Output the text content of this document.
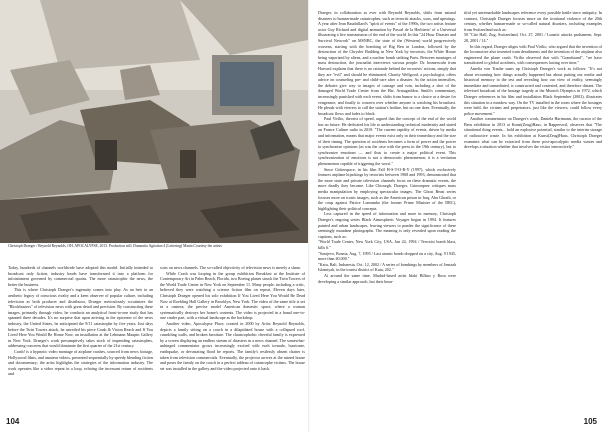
Christoph Draeger / Reynold Reynolds, OH, APOCALYPSE, 2013. Production still, Damnatio Agitation 4 (Lettering) Mania Courtesy the artists

Today, hundreds of channels worldwide have adopted this model. Initially intended to broadcast only fiction, industry heads have transformed it into a platform for infotainment governed by commercial quotas. The more catastrophic the news, the better the business.

This is where Christoph Draeger's ingenuity comes into play. As an heir to an aesthetic legacy of conscious rivalry and a keen observer of popular culture, including television as both producer and distributor, Draeger meticulously scrutinizes the "Blockbusters" of television news with great detail and precision. By constructing these images, primarily through video, he conducts an analytical front-to-one study that has spanned three decades. It's no surprise that upon arriving in the epicenter of the news industry, the United States, he anticipated the 9/11 catastrophe by five years. Just days before the Twin Towers attack, he unveiled his piece Crash & Vision Reach and If You Lived Here You Would Be Home Now, an installation at the Lehmann Maupin Gallery in New York. Draeger's work presumptively takes stock of impending catastrophes, addressing concerns that would dominate the first quarter of the 21st century.

Crash! is a hypnotic video montage of airplane crashes, sourced from news footage, Hollywood films, and amateur videos, presented sequentially by speedy blending fiction and documentary; the artist highlights the strategies of the information industry. The work operates like a video repeat in a loop, echoing the incessant return of accidents and

wars on news channels. The so-called objectivity of television news is merely a sham.

While Crash was looping in the group exhibition Breakfast at the Institute of Contemporary Art in Palm Beach, Florida, two Boeing planes struck the Twin Towers of the World Trade Center in New York on September 11. Many people, including a critic, believed they were watching a science fiction film on repeat. Eleven days later, Christoph Draeger opened his solo exhibition If You Lived Here You Would Be Dead Now at Roebling Hall Gallery in Brooklyn, New York. The video of the same title is set in a camera; the precise model American domestic space, where a woman systematically destroys her home's contents. The video is projected in a banal one-to-one cinder part, with a virtual landscape as the backdrop.

Another video, Apocalypse Place, created in 2000 by Artist Reynold Reynolds, depicts a family sitting on a couch in a dilapidated house with a collapsed roof, crumbling walls, and broken furniture. The claustrophobic cheerful family is expressed by a screen displaying an endless stream of disasters in a news channel. The somewhat-unhinged commentator grows increasingly excited with each tornado, hurricane, earthquake, or devastating flood he reports. The family's restlessly absent chatter is taken from television commercials. Eventually, the projector arrives at the ruined house and poses the family on the couch in a perfect tableau of catastrophe victims. The house set was installed in the gallery and the video projected onto it back.

Draeger, in collaboration as ever with Reynold Reynolds, shifts from natural disasters to human-made catastrophes, such as terrorist attacks, wars, and uprisings. A year after Jean Baudrillard's "spirit of events" of the 1990s, the two artists feature actor Guy Richard and digital animation by Pascal de la Herbierie' of a Universal illustrating a live transmission of the end of the world. In this "24 Hour Disaster and Survival Network" on MSNBC, the state of the (Western) world progressively worsens, starting with the bombing of Big Ben in London, followed by the destruction of the Chrysler Building in New York by terrorists, the White House being vaporized by aliens, and a nuclear bomb striking Paris. Between montages of mass destruction, the journalist interviews various people: Dr. Immerwahr from Harvard explains that there is no rationale behind the terrorists' actions, simply that they are "evil" and should be eliminated; Charity Wellgood, a psychologist, offers advice on counseling pre- and child-care after a disaster. As the action intensifies, the debates give way to images of carnage and ruin, including a shot of the damaged World Trade Center from the Hat. Armageddon. Smith's commentary, increasingly panicked with each event, shifts from humor to a choice or a desire for vengeance, and finally to concern over whether anyone is watching his broadcast. He pleads with viewers to call the station's hotline, but no one does. Eventually, the broadcast flows and fades to black.

Paul Virilio, theorist of speed, argued that the concept of the end of the world has no future. He dedicated his life to understanding technical modernity and stated on France Culture radio in 2010: "The current rapidity of events, driven by media and information, means that major events exist only in their immediacy and the size of their timing. The question of accidents becomes a form of power and the power to synchronize opinions (as was the case with the press in the 19th century), but to synchronize emotions — and thus to create a major political event. This synchronization of emotions is not a democratic phenomenon; it is a veritarian phenomenon capable of triggering the worst."

Since Götterspace, in his film Fall H-S-T-O-R-Y (1997), which exclusively features airplane hijackings by terrorists between 1968 and 1993, demonstrated that the more state and private television channels focus on these dramatic events, the more deadly they become. Like Chtourgh, Draeger, Grimonprez critiques mass media manipulation by employing spectacular images. The Ghost Beast series focuses more on iconic images, such as the American prison in Iraq, Abu Ghraib, or the coup against Patrice Lumumba (the former Prime Minister of the DRC), highlighting their political concepts.

Less captured in the speed of information and more in memory, Christoph Draeger's ongoing series Black Atmospheric Voyager began in 1994. It features painted and urban landscapes, leaving viewers to ponder the significance of these seemingly mundane photographs. The meaning is only revealed upon reading the captions, such as:

"World Trade Center, New York City, USA, Jan 24, 1994 / Terrorist bomb blast, kills 6."

"Sarajevo, Bosnia, Aug. 7, 1995 / Last atomic bomb dropped on a city, Aug. 9 1945, more than 40,000."

"Katu, Bali, Indonesia, Oct. 12, 2002 / A series of bombings by members of Jemaah Islamiyah, in the tourist district of Kuta, 202."

At around the same time, Madrid-based artist Iñaki Bilbao y Rosa were developing a similar approach, but their beau-

tiful yet unremarkable landscapes reference every possible battle since antiquity. In contrast, Christoph Draeger focuses more on the irrational violence of the 20th century, whether human-made or so-called natural disasters, including examples from Switzerland such as:

50 "Cite Hall, Zug, Switzerland, Oct. 27, 2001 / Lunatic attacks parliament, Sept. 28, 2001 / 14."

In this regard, Draeger aligns with Paul Virilio, who argued that the invention of the locomotive also invented train derailments and the invention of the airplane also engineered the plane crash. Virilio observed that with "Grandstand", "we have transitioned to global accidents, with consequences lasting over time."

Amelia von Trauhe sums up Christoph Draeger's work as follows: "It's not about recounting how things actually happened but about putting our media and historical memory to the test and revealing how our view of reality, seemingly immediate and unmediated, is constructed and contested, and therefore distant. The televised broadcast of the hostage tragedy at the Munich Olympics in 1972, which Draeger references in his film and installation Black September (2002), illustrates this situation in a meadow way. On the TV installed in the room where the hostages were held, the victims and perpetrators, just like the viewers, could follow every police movement."

Another commentator on Draeger's work, Daniela Hartmann, the curator of the Bern exhibition in 2013 at Kunst(Zeug)Haus, in Rapperswil, observes that "The situational thing events... hold an explosive potential, similar to the interim storage of radioactive waste. In his exhibition at Kunst(Zeug)Haus, Christoph Draeger examines what can be extracted from these post-apocalyptic media wastes and develops a situation whether that involves the visitor interactively."

104	105
